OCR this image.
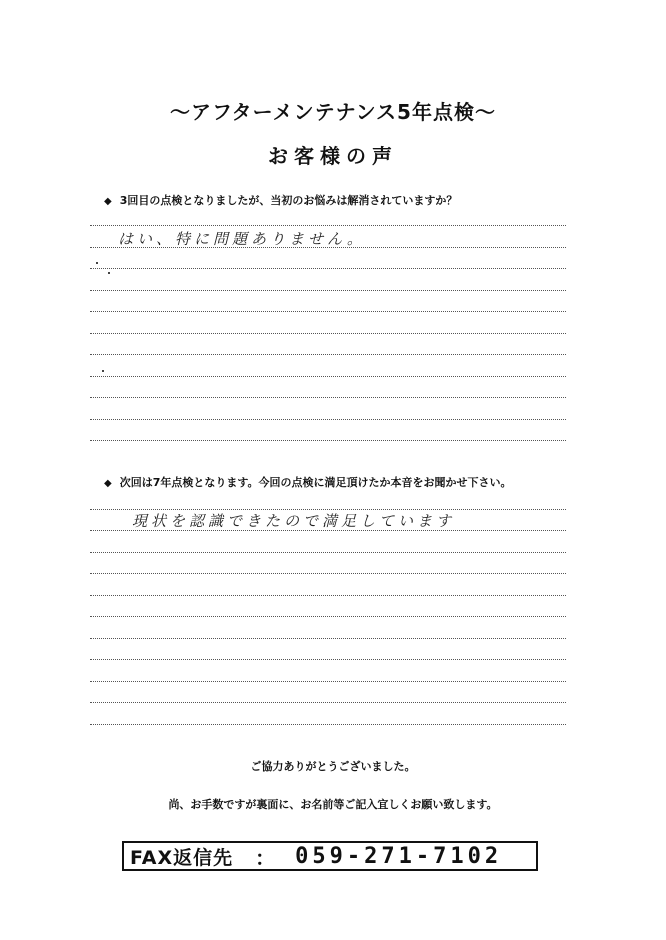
〜アフターメンテナンス5年点検〜
お客様の声
◆ 3回目の点検となりましたが、当初のお悩みは解消されていますか？
はい、特に問題ありません。
◆ 次回は7年点検となります。今回の点検に満足頂けたか本音をお聞かせ下さい。
現状を認識できたので満足しています
ご協力ありがとうございました。
尚、お手数ですが裏面に、お名前等ご記入宜しくお願い致します。
FAX返信先 ： 059-271-7102
